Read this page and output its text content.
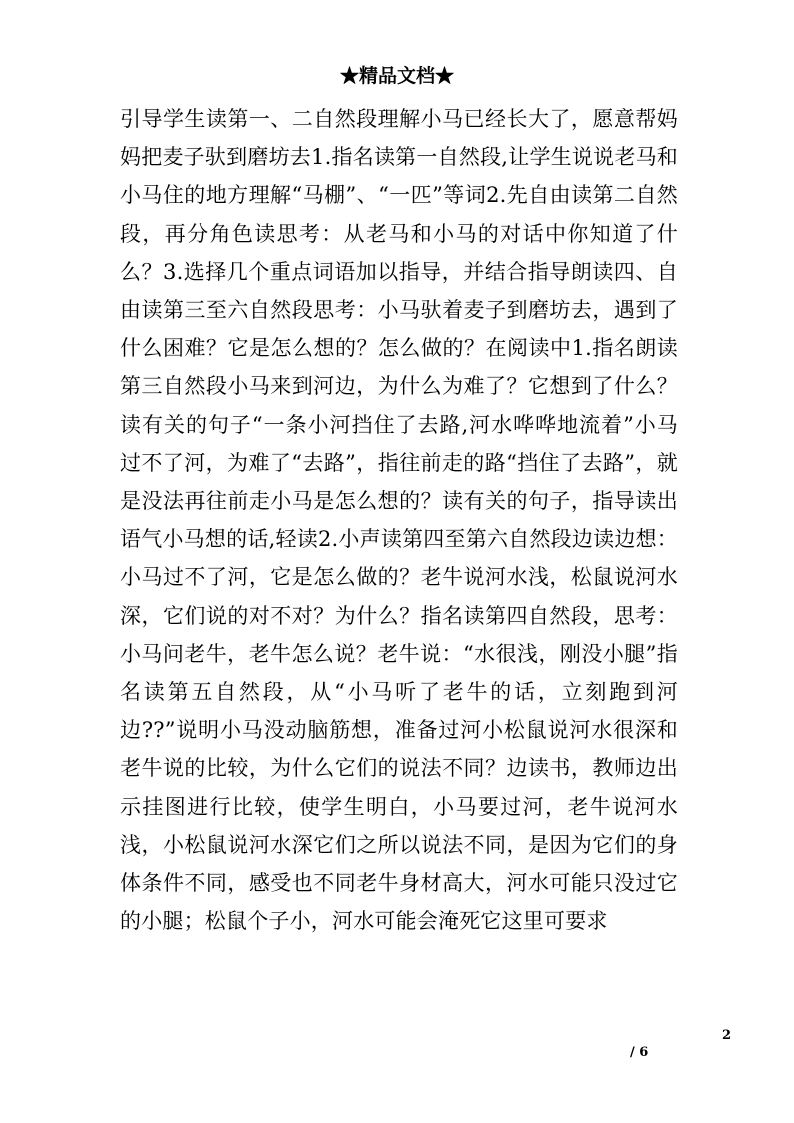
★精品文档★

引导学生读第一、二自然段理解小马已经长大了，愿意帮妈妈把麦子驮到磨坊去1.指名读第一自然段,让学生说说老马和小马住的地方理解“马棚”、“一匹”等词2.先自由读第二自然段，再分角色读思考：从老马和小马的对话中你知道了什么？3.选择几个重点词语加以指导，并结合指导朗读四、自由读第三至六自然段思考：小马驮着麦子到磨坊去，遇到了什么困难？它是怎么想的？怎么做的？在阅读中1.指名朗读第三自然段小马来到河边，为什么为难了？它想到了什么？读有关的句子“一条小河挡住了去路,河水哗哗地流着”小马过不了河，为难了“去路”，指往前走的路“挡住了去路”，就是没法再往前走小马是怎么想的？读有关的句子，指导读出语气小马想的话,轻读2.小声读第四至第六自然段边读边想：小马过不了河，它是怎么做的？老牛说河水浅，松鼠说河水深，它们说的对不对？为什么？指名读第四自然段，思考：小马问老牛，老牛怎么说？老牛说：“水很浅，刚没小腿”指名读第五自然段，从“小马听了老牛的话，立刻跑到河边??”说明小马没动脑筋想，准备过河小松鼠说河水很深和老牛说的比较，为什么它们的说法不同？边读书，教师边出示挂图进行比较，使学生明白，小马要过河，老牛说河水浅，小松鼠说河水深它们之所以说法不同，是因为它们的身体条件不同，感受也不同老牛身材高大，河水可能只没过它的小腿；松鼠个子小，河水可能会淹死它这里可要求

2
/ 6
